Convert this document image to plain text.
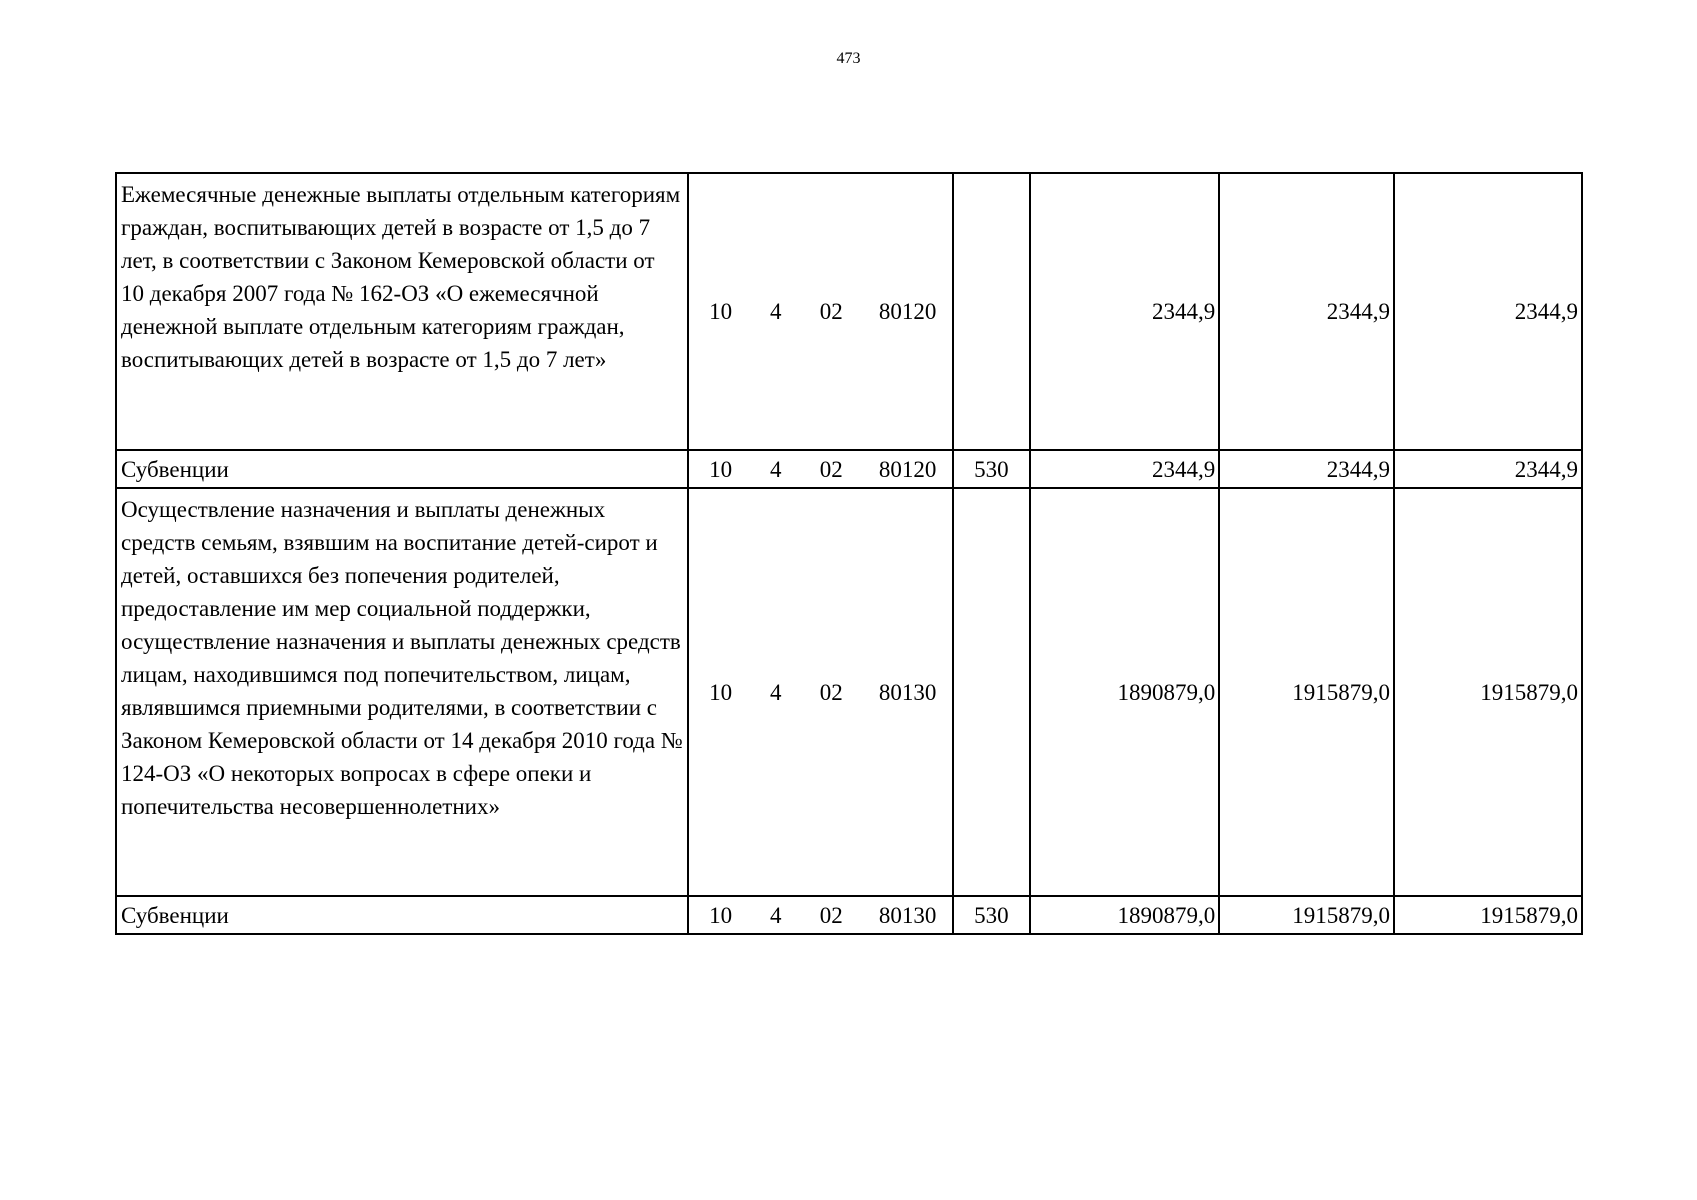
473
Ежемесячные денежные выплаты отдельным категориям граждан, воспитывающих детей в возрасте от 1,5 до 7 лет, в соответствии с Законом Кемеровской области от 10 декабря 2007 года № 162-ОЗ «О ежемесячной денежной выплате отдельным категориям граждан, воспитывающих детей в возрасте от 1,5 до 7 лет»	10	4	02	80120		2344,9	2344,9	2344,9
Субвенции	10	4	02	80120	530	2344,9	2344,9	2344,9
Осуществление назначения и выплаты денежных средств семьям, взявшим на воспитание детей-сирот и детей, оставшихся без попечения родителей, предоставление им мер социальной поддержки, осуществление назначения и выплаты денежных средств лицам, находившимся под попечительством, лицам, являвшимся приемными родителями, в соответствии с Законом Кемеровской области от 14 декабря 2010 года № 124-ОЗ «О некоторых вопросах в сфере опеки и попечительства несовершеннолетних»	10	4	02	80130		1890879,0	1915879,0	1915879,0
Субвенции	10	4	02	80130	530	1890879,0	1915879,0	1915879,0
